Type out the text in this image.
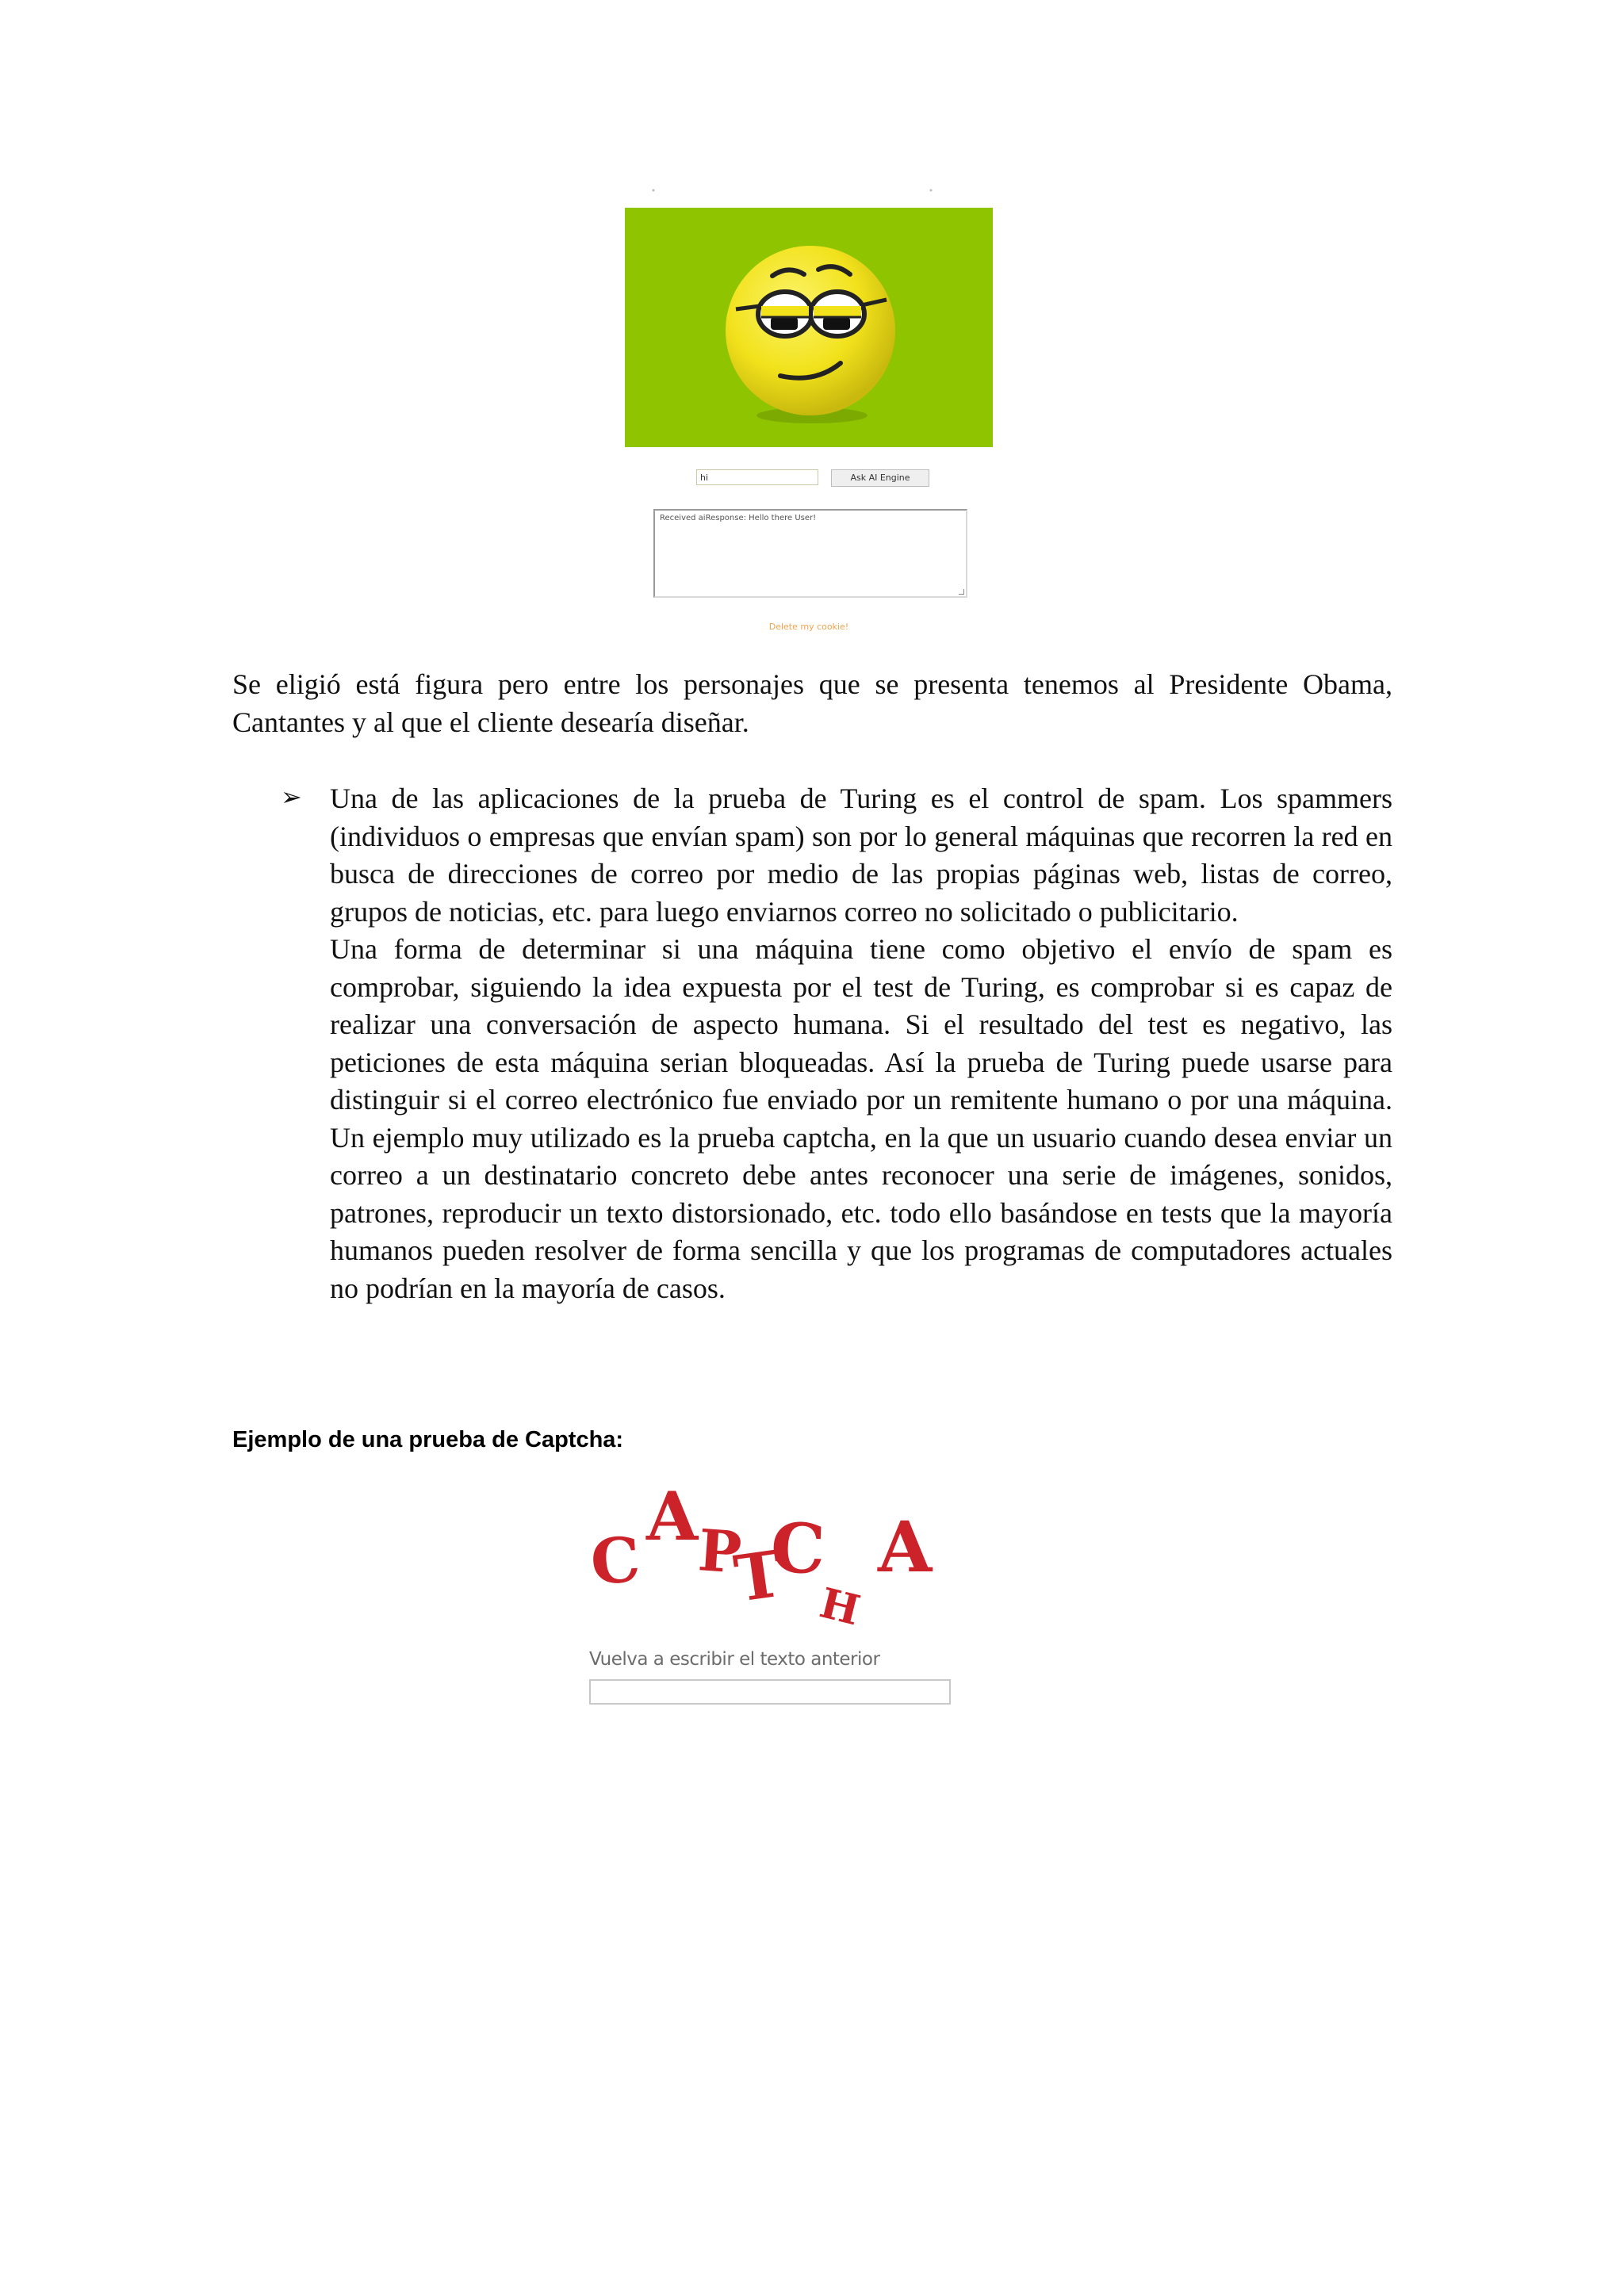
hi	Ask AI Engine
Received aiResponse: Hello there User!
Delete my cookie!

Se eligió está figura pero entre los personajes que se presenta tenemos al Presidente Obama, Cantantes y al que el cliente desearía diseñar.

➢ Una de las aplicaciones de la prueba de Turing es el control de spam. Los spammers (individuos o empresas que envían spam) son por lo general máquinas que recorren la red en busca de direcciones de correo por medio de las propias páginas web, listas de correo, grupos de noticias, etc. para luego enviarnos correo no solicitado o publicitario.
Una forma de determinar si una máquina tiene como objetivo el envío de spam es comprobar, siguiendo la idea expuesta por el test de Turing, es comprobar si es capaz de realizar una conversación de aspecto humana. Si el resultado del test es negativo, las peticiones de esta máquina serian bloqueadas. Así la prueba de Turing puede usarse para distinguir si el correo electrónico fue enviado por un remitente humano o por una máquina. Un ejemplo muy utilizado es la prueba captcha, en la que un usuario cuando desea enviar un correo a un destinatario concreto debe antes reconocer una serie de imágenes, sonidos, patrones, reproducir un texto distorsionado, etc. todo ello basándose en tests que la mayoría humanos pueden resolver de forma sencilla y que los programas de computadores actuales no podrían en la mayoría de casos.
Ejemplo de una prueba de Captcha:
C
A
P
T
C
H
A
Vuelva a escribir el texto anterior
